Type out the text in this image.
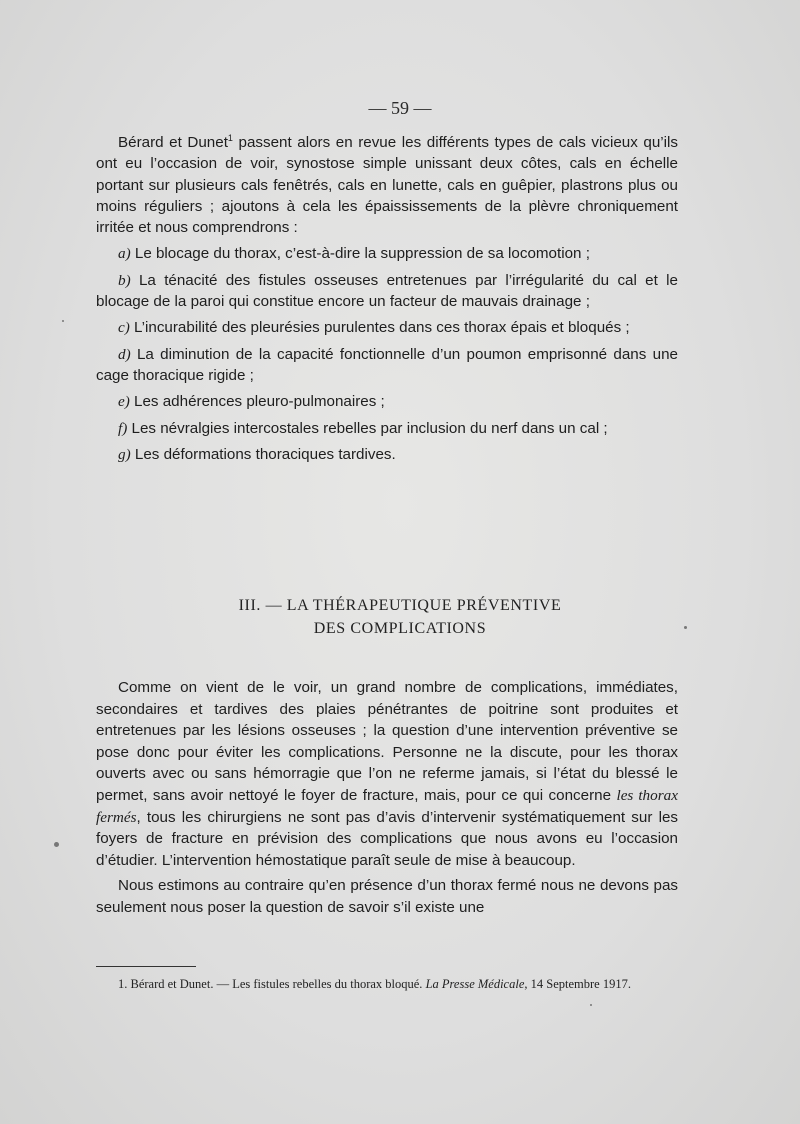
— 59 —

Bérard et Dunet$^1$ passent alors en revue les différents types de cals vicieux qu’ils ont eu l’occasion de voir, synostose simple unissant deux côtes, cals en échelle portant sur plusieurs cals fenêtrés, cals en lunette, cals en guêpier, plastrons plus ou moins réguliers ; ajoutons à cela les épaississements de la plèvre chroniquement irritée et nous comprendrons :

a) Le blocage du thorax, c’est-à-dire la suppression de sa locomotion ;

b) La ténacité des fistules osseuses entretenues par l’irrégularité du cal et le blocage de la paroi qui constitue encore un facteur de mauvais drainage ;

c) L’incurabilité des pleurésies purulentes dans ces thorax épais et bloqués ;

d) La diminution de la capacité fonctionnelle d’un poumon emprisonné dans une cage thoracique rigide ;

e) Les adhérences pleuro-pulmonaires ;

f) Les névralgies intercostales rebelles par inclusion du nerf dans un cal ;

g) Les déformations thoraciques tardives.

III. — LA THÉRAPEUTIQUE PRÉVENTIVE
DES COMPLICATIONS

Comme on vient de le voir, un grand nombre de complications, immédiates, secondaires et tardives des plaies pénétrantes de poitrine sont produites et entretenues par les lésions osseuses ; la question d’une intervention préventive se pose donc pour éviter les complications. Personne ne la discute, pour les thorax ouverts avec ou sans hémorragie que l’on ne referme jamais, si l’état du blessé le permet, sans avoir nettoyé le foyer de fracture, mais, pour ce qui concerne les thorax fermés, tous les chirurgiens ne sont pas d’avis d’intervenir systématiquement sur les foyers de fracture en prévision des complications que nous avons eu l’occasion d’étudier. L’intervention hémostatique paraît seule de mise à beaucoup.

Nous estimons au contraire qu’en présence d’un thorax fermé nous ne devons pas seulement nous poser la question de savoir s’il existe une

1. Bérard et Dunet. — Les fistules rebelles du thorax bloqué. La Presse Médicale, 14 Septembre 1917.
